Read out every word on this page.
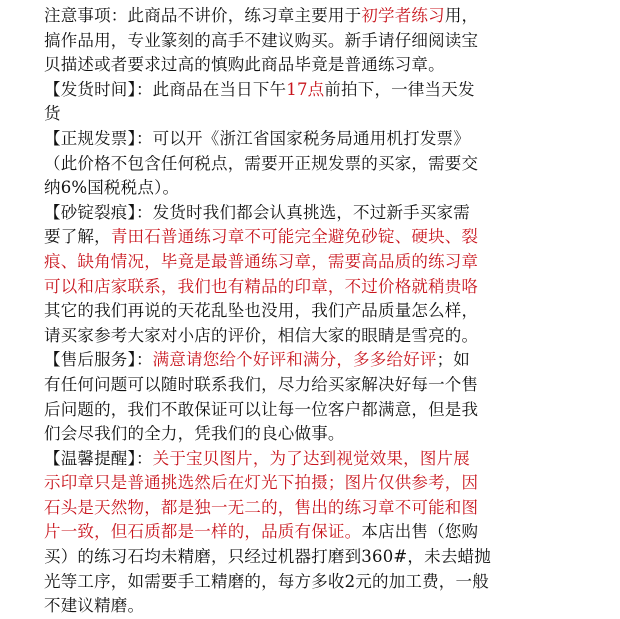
注意事项：此商品不讲价，练习章主要用于初学者练习用，
搞作品用，专业篆刻的高手不建议购买。新手请仔细阅读宝
贝描述或者要求过高的慎购此商品毕竟是普通练习章。
【发货时间】：此商品在当日下午17点前拍下，一律当天发
货
【正规发票】：可以开《浙江省国家税务局通用机打发票》
（此价格不包含任何税点，需要开正规发票的买家，需要交
纳6%国税税点）。
【砂锭裂痕】：发货时我们都会认真挑选，不过新手买家需
要了解，青田石普通练习章不可能完全避免砂锭、硬块、裂
痕、缺角情况，毕竟是最普通练习章，需要高品质的练习章
可以和店家联系，我们也有精品的印章，不过价格就稍贵咯
其它的我们再说的天花乱坠也没用，我们产品质量怎么样，
请买家参考大家对小店的评价，相信大家的眼睛是雪亮的。
【售后服务】：满意请您给个好评和满分，多多给好评；如
有任何问题可以随时联系我们，尽力给买家解决好每一个售
后问题的，我们不敢保证可以让每一位客户都满意，但是我
们会尽我们的全力，凭我们的良心做事。
【温馨提醒】：关于宝贝图片，为了达到视觉效果，图片展
示印章只是普通挑选然后在灯光下拍摄；图片仅供参考，因
石头是天然物，都是独一无二的，售出的练习章不可能和图
片一致，但石质都是一样的，品质有保证。本店出售（您购
买）的练习石均未精磨，只经过机器打磨到360#，未去蜡抛
光等工序，如需要手工精磨的，每方多收2元的加工费，一般
不建议精磨。
